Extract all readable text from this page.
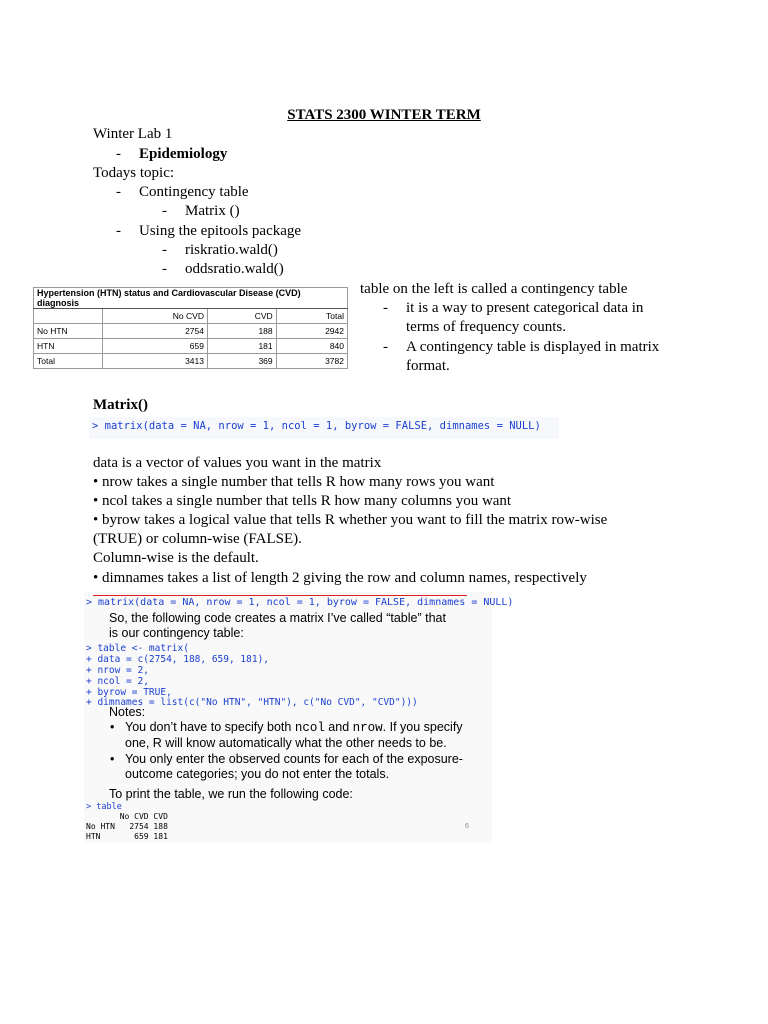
STATS 2300 WINTER TERM
Winter Lab 1
- Epidemiology
Todays topic:
- Contingency table
- Matrix ()
- Using the epitools package
- riskratio.wald()
- oddsratio.wald()
Hypertension (HTN) status and Cardiovascular Disease (CVD) diagnosis			
	No CVD	CVD	Total
No HTN	2754	188	2942
HTN	659	181	840
Total	3413	369	3782
table on the left is called a contingency table
- it is a way to present categorical data in
terms of frequency counts.
- A contingency table is displayed in matrix
format.
Matrix()
> matrix(data = NA, nrow = 1, ncol = 1, byrow = FALSE, dimnames = NULL)
data is a vector of values you want in the matrix
• nrow takes a single number that tells R how many rows you want
• ncol takes a single number that tells R how many columns you want
• byrow takes a logical value that tells R whether you want to fill the matrix row-wise
(TRUE) or column-wise (FALSE).
Column-wise is the default.
• dimnames takes a list of length 2 giving the row and column names, respectively
> matrix(data = NA, nrow = 1, ncol = 1, byrow = FALSE, dimnames = NULL)
So, the following code creates a matrix I’ve called “table” that
is our contingency table:
> table <- matrix(
+ data = c(2754, 188, 659, 181),
+ nrow = 2,
+ ncol = 2,
+ byrow = TRUE,
+ dimnames = list(c("No HTN", "HTN"), c("No CVD", "CVD")))
Notes:
• You don’t have to specify both ncol and nrow. If you specify
one, R will know automatically what the other needs to be.
• You only enter the observed counts for each of the exposure-
outcome categories; you do not enter the totals.
To print the table, we run the following code:
> table
No CVD CVD
No HTN   2754 188
HTN       659 181
6
